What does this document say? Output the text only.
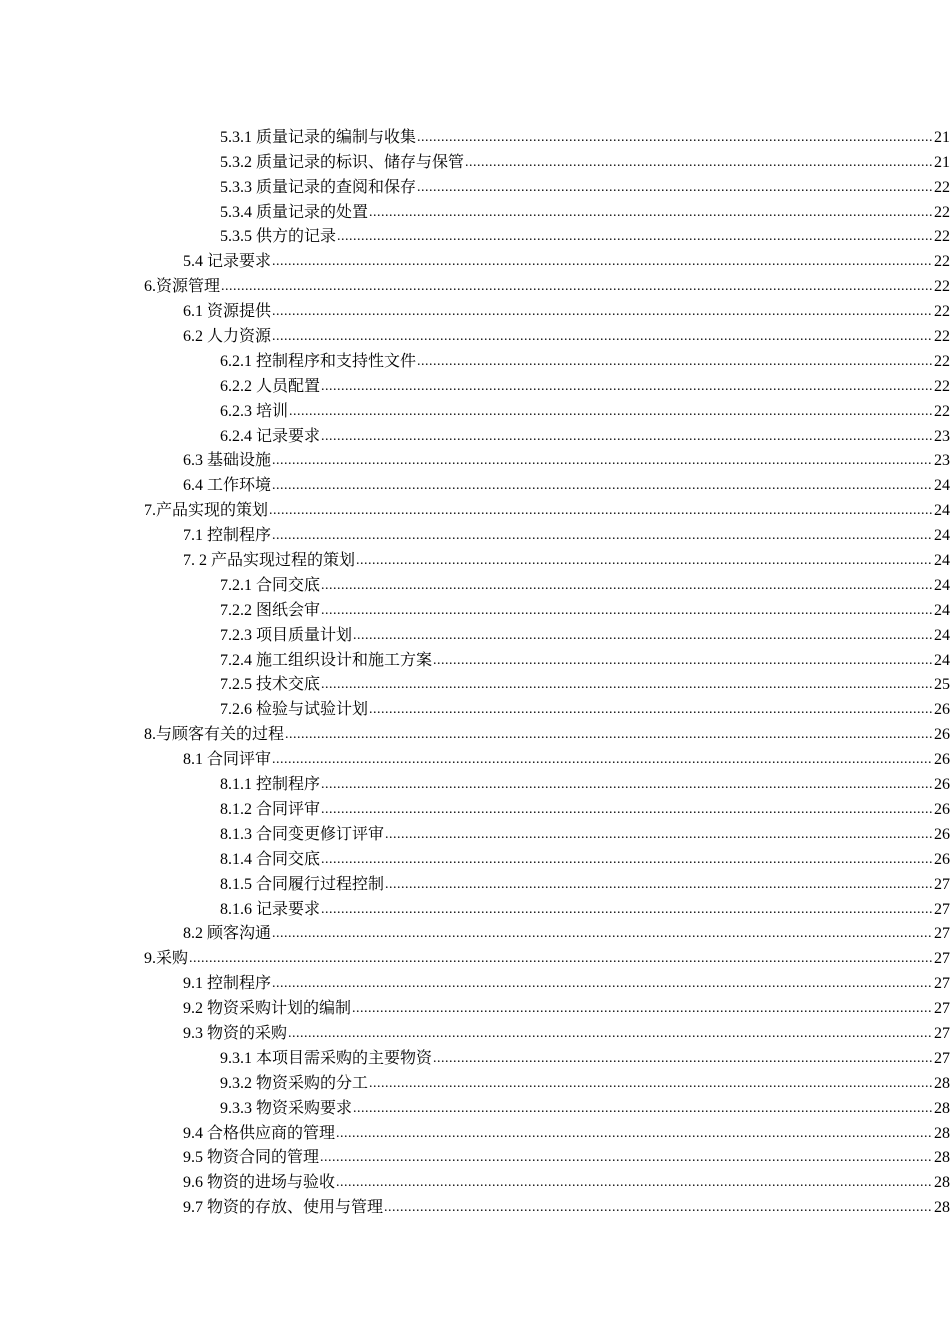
5.3.1 质量记录的编制与收集 .....	21
5.3.2 质量记录的标识、储存与保管 .....	21
5.3.3 质量记录的查阅和保存 .....	22
5.3.4 质量记录的处置 .....	22
5.3.5 供方的记录 .....	22
5.4 记录要求 .....	22
6.资源管理 .....	22
6.1 资源提供 .....	22
6.2 人力资源 .....	22
6.2.1 控制程序和支持性文件 .....	22
6.2.2 人员配置 .....	22
6.2.3 培训 .....	22
6.2.4 记录要求 .....	23
6.3 基础设施 .....	23
6.4 工作环境 .....	24
7.产品实现的策划 .....	24
7.1 控制程序 .....	24
7. 2 产品实现过程的策划 .....	24
7.2.1 合同交底 .....	24
7.2.2 图纸会审 .....	24
7.2.3 项目质量计划 .....	24
7.2.4 施工组织设计和施工方案 .....	24
7.2.5 技术交底 .....	25
7.2.6 检验与试验计划 .....	26
8.与顾客有关的过程 .....	26
8.1 合同评审 .....	26
8.1.1 控制程序 .....	26
8.1.2 合同评审 .....	26
8.1.3 合同变更修订评审 .....	26
8.1.4 合同交底 .....	26
8.1.5 合同履行过程控制 .....	27
8.1.6 记录要求 .....	27
8.2 顾客沟通 .....	27
9.采购 .....	27
9.1 控制程序 .....	27
9.2 物资采购计划的编制 .....	27
9.3 物资的采购 .....	27
9.3.1 本项目需采购的主要物资 .....	27
9.3.2 物资采购的分工 .....	28
9.3.3 物资采购要求 .....	28
9.4 合格供应商的管理 .....	28
9.5 物资合同的管理 .....	28
9.6 物资的进场与验收 .....	28
9.7 物资的存放、使用与管理 .....	28
